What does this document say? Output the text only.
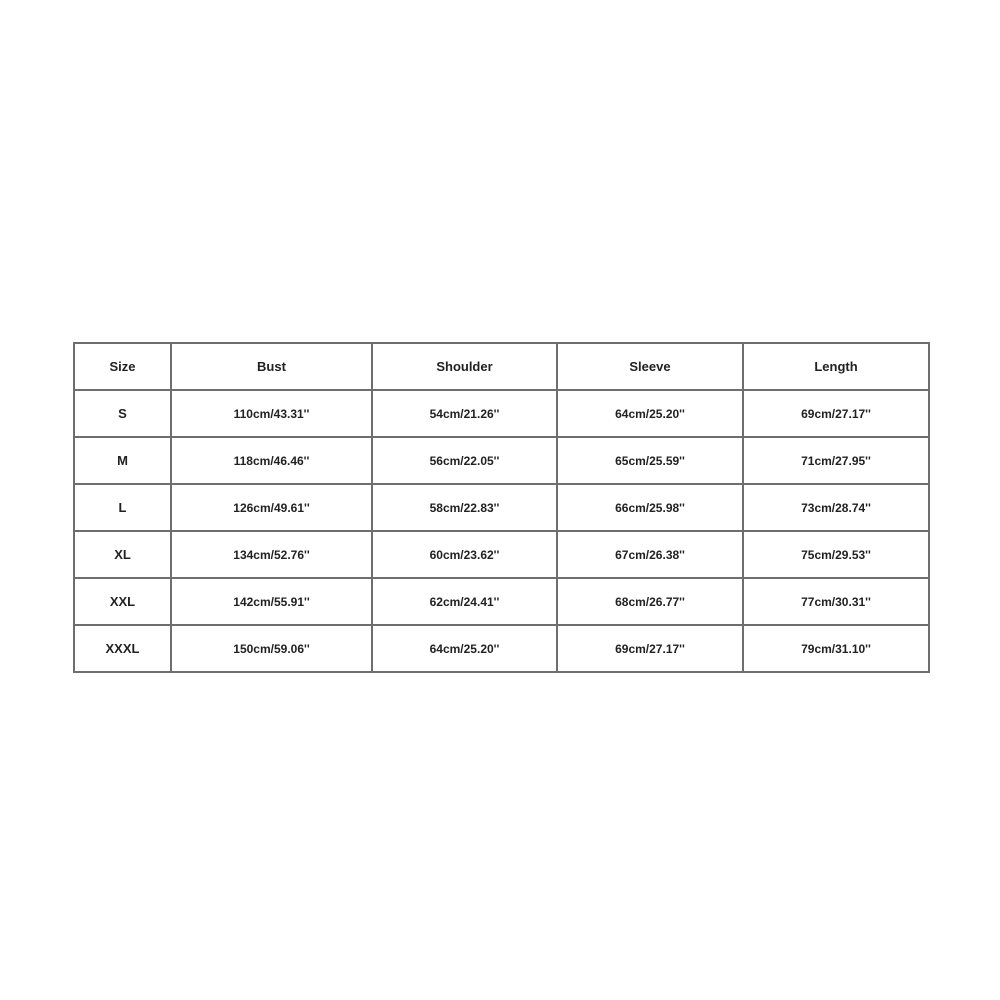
Size	Bust	Shoulder	Sleeve	Length
S	110cm/43.31''	54cm/21.26''	64cm/25.20''	69cm/27.17''
M	118cm/46.46''	56cm/22.05''	65cm/25.59''	71cm/27.95''
L	126cm/49.61''	58cm/22.83''	66cm/25.98''	73cm/28.74''
XL	134cm/52.76''	60cm/23.62''	67cm/26.38''	75cm/29.53''
XXL	142cm/55.91''	62cm/24.41''	68cm/26.77''	77cm/30.31''
XXXL	150cm/59.06''	64cm/25.20''	69cm/27.17''	79cm/31.10''
